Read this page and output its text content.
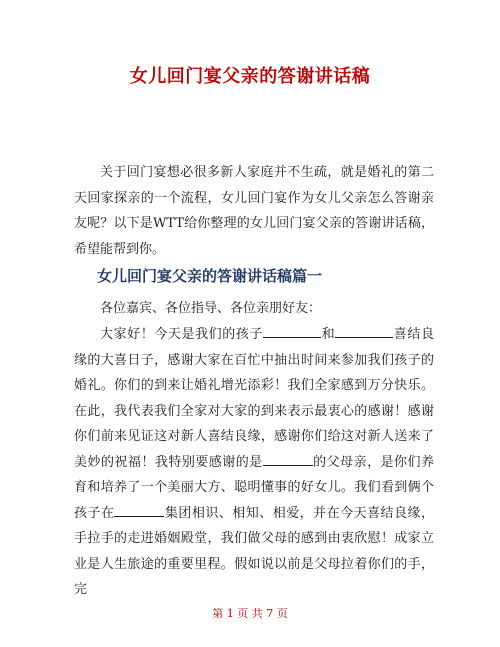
女儿回门宴父亲的答谢讲话稿

关于回门宴想必很多新人家庭并不生疏，就是婚礼的第二天回家探亲的一个流程，女儿回门宴作为女儿父亲怎么答谢亲友呢？以下是WTT给你整理的女儿回门宴父亲的答谢讲话稿，希望能帮到你。

女儿回门宴父亲的答谢讲话稿篇一

各位嘉宾、各位指导、各位亲朋好友：

大家好！今天是我们的孩子	和	喜结良缘的大喜日子，感谢大家在百忙中抽出时间来参加我们孩子的婚礼。你们的到来让婚礼增光添彩！我们全家感到万分快乐。在此，我代表我们全家对大家的到来表示最衷心的感谢！感谢你们前来见证这对新人喜结良缘，感谢你们给这对新人送来了美妙的祝福！我特别要感谢的是	的父母亲，是你们养育和培养了一个美丽大方、聪明懂事的好女儿。我们看到俩个孩子在	集团相识、相知、相爱，并在今天喜结良缘，手拉手的走进婚姻殿堂，我们做父母的感到由衷欣慰！成家立业是人生旅途的重要里程。假如说以前是父母拉着你们的手，完

第 1 页 共 7 页
